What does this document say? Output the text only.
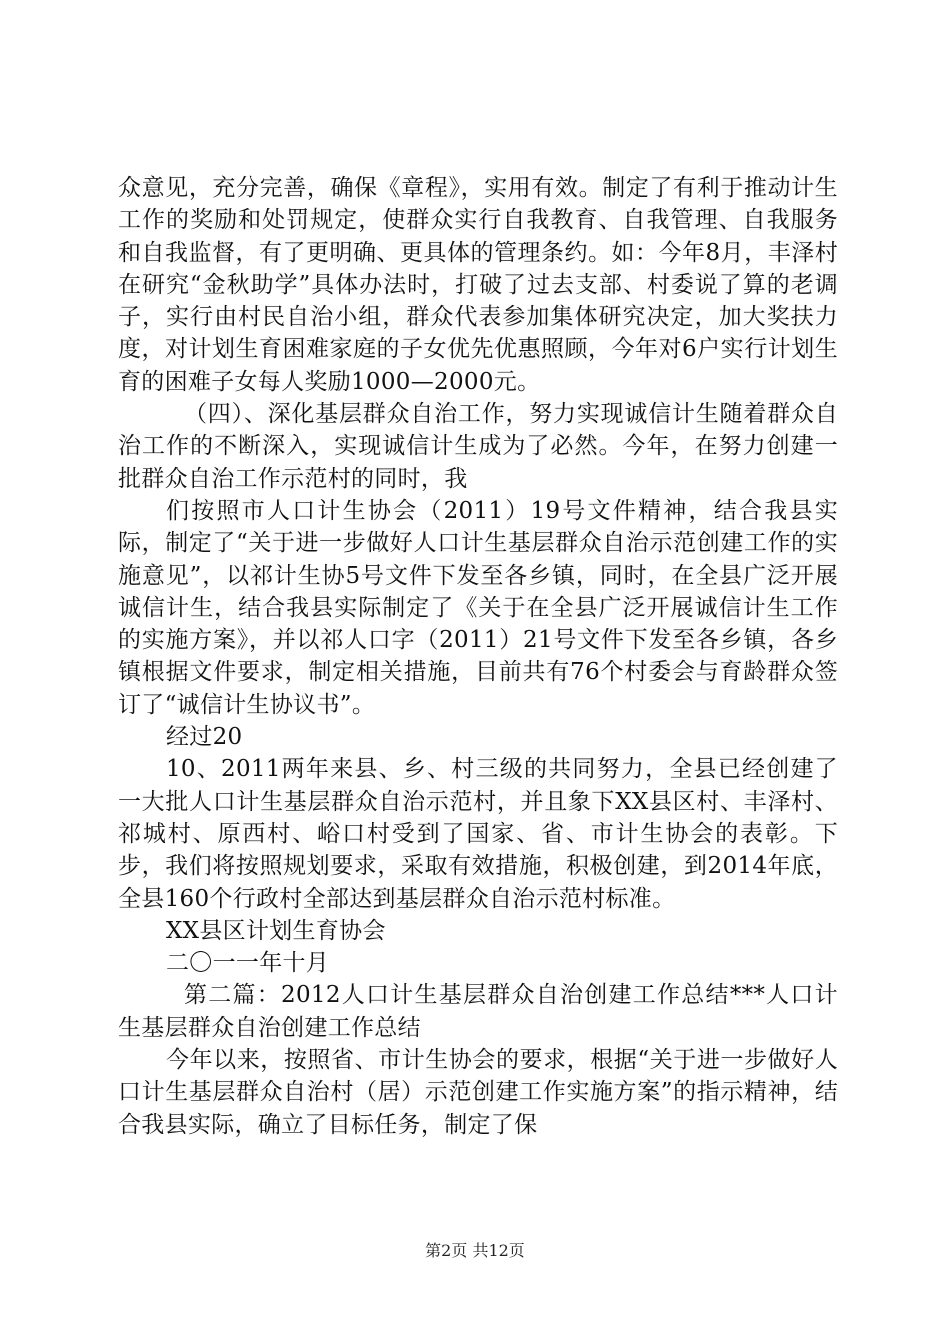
众意见，充分完善，确保《章程》，实用有效。制定了有利于推动计生工作的奖励和处罚规定，使群众实行自我教育、自我管理、自我服务和自我监督，有了更明确、更具体的管理条约。如：今年8月，丰泽村在研究“金秋助学”具体办法时，打破了过去支部、村委说了算的老调子，实行由村民自治小组，群众代表参加集体研究决定，加大奖扶力度，对计划生育困难家庭的子女优先优惠照顾，今年对6户实行计划生育的困难子女每人奖励1000—2000元。

（四）、深化基层群众自治工作，努力实现诚信计生随着群众自治工作的不断深入，实现诚信计生成为了必然。今年，在努力创建一批群众自治工作示范村的同时，我

们按照市人口计生协会（2011）19号文件精神，结合我县实际，制定了“关于进一步做好人口计生基层群众自治示范创建工作的实施意见”，以祁计生协5号文件下发至各乡镇，同时，在全县广泛开展诚信计生，结合我县实际制定了《关于在全县广泛开展诚信计生工作的实施方案》，并以祁人口字（2011）21号文件下发至各乡镇，各乡镇根据文件要求，制定相关措施，目前共有76个村委会与育龄群众签订了“诚信计生协议书”。

经过20

10、2011两年来县、乡、村三级的共同努力，全县已经创建了一大批人口计生基层群众自治示范村，并且象下XX县区村、丰泽村、祁城村、原西村、峪口村受到了国家、省、市计生协会的表彰。下步，我们将按照规划要求，采取有效措施，积极创建，到2014年底，全县160个行政村全部达到基层群众自治示范村标准。

XX县区计划生育协会

二〇一一年十月

第二篇：2012人口计生基层群众自治创建工作总结***人口计生基层群众自治创建工作总结

今年以来，按照省、市计生协会的要求，根据“关于进一步做好人口计生基层群众自治村（居）示范创建工作实施方案”的指示精神，结合我县实际，确立了目标任务，制定了保

第2页 共12页
